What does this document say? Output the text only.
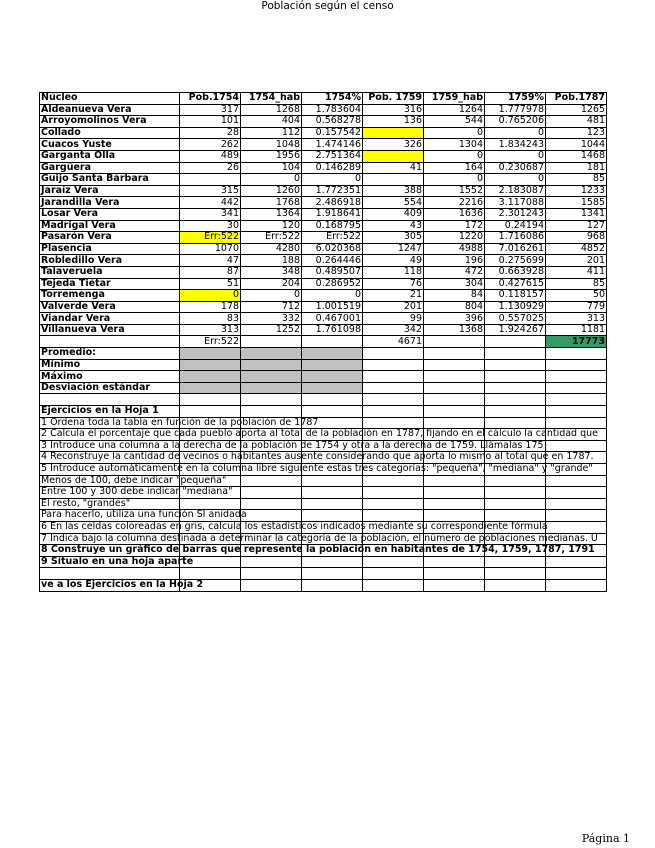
Población según el censo
Núcleo	Pob.1754	1754_hab	1754%	Pob. 1759	1759_hab	1759%	Pob.1787
Aldeanueva Vera	317	1268	1.783604	316	1264	1.777978	1265
Arroyomolinos Vera	101	404	0.568278	136	544	0.765206	481
Collado	28	112	0.157542		0	0	123
Cuacos Yuste	262	1048	1.474146	326	1304	1.834243	1044
Garganta Olla	489	1956	2.751364		0	0	1468
Gargüera	26	104	0.146289	41	164	0.230687	181
Guijo Santa Bárbara		0	0		0	0	85
Jaraíz Vera	315	1260	1.772351	388	1552	2.183087	1233
Jarandilla Vera	442	1768	2.486918	554	2216	3.117088	1585
Losar Vera	341	1364	1.918641	409	1636	2.301243	1341
Madrigal Vera	30	120	0.168795	43	172	0.24194	127
Pasarón Vera	Err:522	Err:522	Err:522	305	1220	1.716086	968
Plasencia	1070	4280	6.020368	1247	4988	7.016261	4852
Robledillo Vera	47	188	0.264446	49	196	0.275699	201
Talaveruela	87	348	0.489507	118	472	0.663928	411
Tejeda Tiétar	51	204	0.286952	76	304	0.427615	85
Torremenga	0	0	0	21	84	0.118157	50
Valverde Vera	178	712	1.001519	201	804	1.130929	779
Viandar Vera	83	332	0.467001	99	396	0.557025	313
Villanueva Vera	313	1252	1.761098	342	1368	1.924267	1181
	Err:522			4671			17773
Promedio:							
Mínimo							
Máximo							
Desviación estándar							

Ejercicios en la Hoja 1							

1 Ordena toda la tabla en función de la población de 1787							

2 Calcula el porcentaje que cada pueblo aporta al total de la población en 1787, fijando en el cálculo la cantidad que							

3 Introduce una columna a la derecha de la población de 1754 y otra a la derecha de 1759. Llámalas 175							

4 Reconstruye la cantidad de vecinos o habitantes ausente considerando que aporta lo mismo al total que en 1787.							

5 Introduce automáticamente en la columna libre siguiente estas tres categorías: "pequeña", "mediana" y "grande"							

Menos de 100, debe indicar "pequeña"							

Entre 100 y 300 debe indicar "mediana"							

El resto, "grandes"							

Para hacerlo, utiliza una función SI anidada							

6 En las celdas coloreadas en gris, calcula los estadísticos indicados mediante su correspondiente fórmula							

7 Indica bajo la columna destinada a determinar la categoría de la población, el número de poblaciones medianas. U							

8 Construye un gráfico de barras que represente la población en habitantes de 1754, 1759, 1787, 1791							

9 Sítualo en una hoja aparte							

ve a los Ejercicios en la Hoja 2							

Página 1
